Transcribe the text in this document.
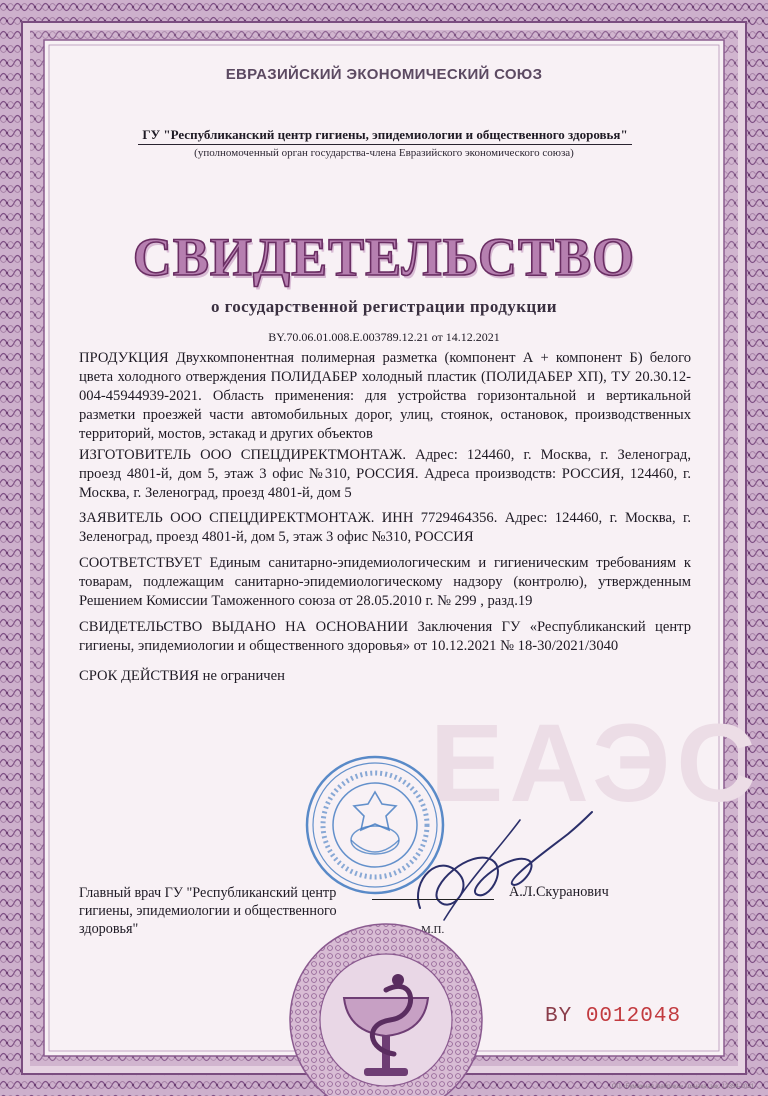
ЕАЭС
ЕВРАЗИЙСКИЙ ЭКОНОМИЧЕСКИЙ СОЮЗ
ГУ "Республиканский центр гигиены, эпидемиологии и общественного здоровья"
(уполномоченный орган государства-члена Евразийского экономического союза)
СВИДЕТЕЛЬСТВО
о государственной регистрации продукции
BY.70.06.01.008.Е.003789.12.21 от 14.12.2021
ПРОДУКЦИЯ Двухкомпонентная полимерная разметка (компонент А + компонент Б) белого цвета холодного отверждения ПОЛИДАБЕР холодный пластик (ПОЛИДАБЕР ХП), ТУ 20.30.12-004-45944939-2021. Область применения: для устройства горизонтальной и вертикальной разметки проезжей части автомобильных дорог, улиц, стоянок, остановок, производственных территорий, мостов, эстакад и других объектов
ИЗГОТОВИТЕЛЬ ООО СПЕЦДИРЕКТМОНТАЖ. Адрес: 124460, г. Москва, г. Зеленоград, проезд 4801-й, дом 5, этаж 3 офис №310, РОССИЯ. Адреса производств: РОССИЯ, 124460, г. Москва, г. Зеленоград, проезд 4801-й, дом 5
ЗАЯВИТЕЛЬ ООО СПЕЦДИРЕКТМОНТАЖ. ИНН 7729464356. Адрес: 124460, г. Москва, г. Зеленоград, проезд 4801-й, дом 5, этаж 3 офис №310, РОССИЯ
СООТВЕТСТВУЕТ Единым санитарно-эпидемиологическим и гигиеническим требованиям к товарам, подлежащим санитарно-эпидемиологическому надзору (контролю), утвержденным Решением Комиссии Таможенного союза от 28.05.2010 г. № 299 , разд.19
СВИДЕТЕЛЬСТВО ВЫДАНО НА ОСНОВАНИИ Заключения ГУ «Республиканский центр гигиены, эпидемиологии и общественного здоровья» от 10.12.2021 № 18-30/2021/3040
СРОК ДЕЙСТВИЯ не ограничен
Главный врач ГУ "Республиканский центр гигиены, эпидемиологии и общественного здоровья"
А.Л.Скуранович
М.П.
BY 0012048
ОП «Бумажная фабрика» Гознака, зак. 13354-2021
